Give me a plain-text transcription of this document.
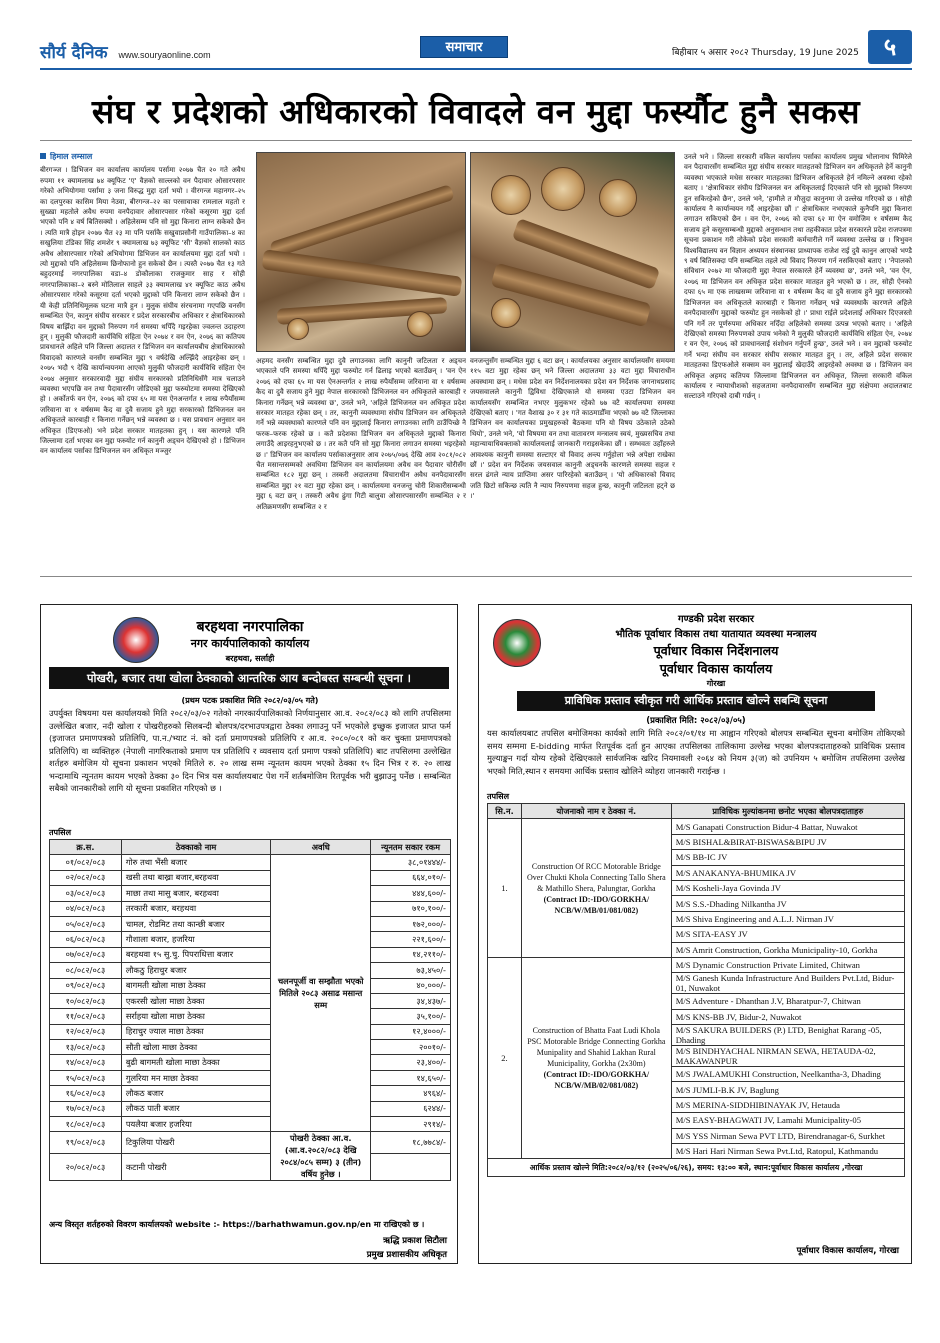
सौर्य दैनिक www.souryaonline.com	समाचार	बिहीबार ५ असार २०८२ Thursday, 19 June 2025	५
संघ र प्रदेशको अधिकारको विवादले वन मुद्दा फर्स्यौट हुनै सकस
हिमाल लम्साल
बीरगञ्ज । डिभिजन वन कार्यालय कार्यालय पर्सामा २०७७ चैत २० गते अवैध रुपमा ११ क्यामलाख ७४ क्यूफिट 'ए' वैज्ञको साल्लको वन पैदावार ओसारपसार गरेको अभियोगमा पर्सामा ३ जना विरुद्ध मुद्दा दर्ता भयो । वीरगन्ज महानगर–२५ का दलपुरका कासिम मिया नेउवा, बीरगन्ज–२२ का परसावाका रामलाल महतो र सुख्खा महतोले अवैध रुपमा वनपैदावार ओसारपसार गरेको कसूरमा मुद्दा दर्ता भएको पनि ४ वर्ष बितिसक्यो । अहिलेसम्म पनि सो मुद्दा किनारा लाग्न सकेको छैन । त्यति मात्रै होइन २०७७ चैत २३ मा पनि पर्साकै सखुवाप्रसौनी गाउँपालिका–४ का सखुलिया टंडिका सिंह शमशेर ९ क्यामलाख ७३ क्यूफिट 'सी' वैज्ञको सालको काठ अवैध ओसारपसार गरेको अभियोगमा डिभिजन वन कार्यालयमा मुद्दा दर्ता भयो । त्यो मुद्दाको पनि अहिलेसम्म छिनोफानो हुन सकेको छैन । त्यस्तै २०७७ चैत १३ गते बहुदरमाई नगरपालिका वडा–४ डोकौलाका राजकुमार साह र सोही नगरपालिकाका–२ बस्ने मोतिलाल साहले ३३ क्यामलाख ४१ क्यूफिट काठ अवैध ओसारपसार गरेको कसूरमा दर्ता भएको मुद्दाको पनि किनारा लाग्न सकेको छैन । यी केही प्रतिनिधिमूलक घटना मात्रै हुन । मुलुक संघीय संरचनामा गएपछि वनसँग सम्बन्धित ऐन, कानुन संघीय सरकार र प्रदेश सरकारबीच अधिकार र क्षेत्राधिकारको विषय बाझिँदा वन मुद्दाको निरुपण गर्न समस्या थपिँदै गइरहेका ज्वलन्त उदाहरण हुन् । मुलुकी फौजदारी कार्यविधि संहिता ऐन २०७४ र वन ऐन, २०७६ का कतिपय प्रावधानले अहिले पनि जिल्ला अदालत र डिभिजन वन कार्यालयबीच क्षेत्राधिकारको विवादको कारणले वनसँग सम्बन्धित मुद्दा ९ वर्षदेखि अल्झिँदै आइरहेका छन् । २०७५ भदौ ९ देखि कार्यान्वयनमा आएको मुलुकी फौजदारी कार्यविधि संहिता ऐन २०७४ अनुसार सरकारवादी मुद्दा संघीय सरकारको प्रतिनिधिसँगै मात्र चलाउने व्यवस्था भएपछि वन तथा पैदावारसँग जोडिएको मुद्दा फस्र्याेटमा समस्या देखिएको हो । अर्कोतर्फ वन ऐन, २०७६ को दफा ६५ मा यस ऐनअन्तर्गत १ लाख रुपैयाँसम्म जरिवाना वा १ वर्षसम्म कैद वा दुवै सजाय हुने मुद्दा सरकारको डिभिजनल वन अधिकृतले कारबाही र किनारा गर्नेछन् भन्ने व्यवस्था छ । यस प्रावधान अनुसार वन अधिकृत (डिएफओ) भने प्रदेश सरकार मातहतका हुन् । यस कारणले पनि जिल्लामा दर्ता भएका वन मुद्दा फस्र्याेट गर्न कानुनी अड्चन देखिएको हो । डिभिजन वन कार्यालय पर्साका डिभिजनल वन अधिकृत मञ्जुर
अहमद वनसँग सम्बन्धित मुद्दा दुवै लगाउनका लागि कानुनी जटिलता र अड्चन भएकाले पनि समस्या थपिँदै मुद्दा फस्र्याेट गर्न ढिलाइ भएको बताउँछन् । 'वन ऐन २०७६ को दफा ६५ मा यस ऐनअन्तर्गत २ लाख रुपैयाँसम्म जरिवाना वा १ वर्षसम्म कैद वा दुवै सजाय हुने मुद्दा नेपाल सरकारको डिभिजनल वन अधिकृतले कारबाही र किनारा गर्नेछन् भन्ने व्यवस्था छ', उनले भने, 'अहिले डिभिजनल वन अधिकृत प्रदेश सरकार मातहत रहेका छन् । तर, कानुनी व्यवस्थामा संघीय डिभिजन वन अधिकृतले गर्ने भन्ने व्यवस्थाको कारणले पनि वन मुद्दालाई किनारा लगाउनका लागि ठाउँपिच्छे नै फरक–फरक रहेको छ । कतै प्रदेशका डिभिजन वन अधिकृतले मुद्दाको किनारा लगाउँदै आइरहनुभएको छ । तर कतै पनि सो मुद्दा किनारा लगाउन समस्या भइरहेको छ ।' डिभिजन वन कार्यालय पर्साकाअनुसार आव २०७५/०७६ देखि आव २०८१/०८२ चैत मसान्तसम्मको अवधिमा डिभिजन वन कार्यालयमा अवैध वन पैदावार चोरीसँग सम्बन्धित १८२ मुद्दा छन् । तस्करी अदालतमा विचाराधीन अवैध वनपैदावारसँग सम्बन्धित मुद्दा २१ वटा मुद्दा रहेका छन् । कार्यालयमा वनजन्तु चोरी शिकारीसम्बन्धी मुद्दा ६ वटा छन् । तस्करी अवैध ढुंगा गिटी बालुवा ओसारपसारसँग सम्बन्धित २ र अतिक्रमणसँग सम्बन्धित २ र
वनजन्तुसँग सम्बन्धित मुद्दा ६ वटा छन् । कार्यालयका अनुसार कार्यालयसँग समयमा ११५ वटा मुद्दा रहेका छन् भने जिल्ला अदालतमा ३३ वटा मुद्दा विचाराधीन अवस्थामा छन् । मधेस प्रदेश वन निर्देशनालयका प्रदेश वन निर्देशक जगनाथप्रसाद जयसवालले कानुनी द्विविधा देखिएकाले यो समस्या एउटा डिभिजन वन कार्यालयसँग सम्बन्धित नभएर मुलुकभर रहेको ७७ वटै कार्यालयमा समस्या देखिएको बताए । 'गत वैशाख ३० र ३१ गते काठमाडौँमा भएको ७७ वटै जिल्लाका डिभिजन वन कार्यालयका प्रमुखहरुको बैठकमा पनि यो विषय उठेकाले उठेको थियो', उनले भने, 'यो विषयमा वन तथा वातावरण मन्त्रालय स्वयं, मुख्यसचिव तथा महान्यायाधिवक्ताको कार्यालयलाई जानकारी गराइसकेका छौं । सम्भवतः उहाँहरुले आवश्यक कानुनी समस्या सल्टाएर यो विवाद अन्त्य गर्नुहोला भन्ने अपेक्षा राखेका छौं ।' प्रदेश वन निर्देशक जयसवाल कानुनी अड्चनकै कारणले समस्या सहज र सरल ढंगले न्याय प्राप्तिमा असर पारिरहेको बताउँछन् । 'यो अधिकारको विवाद जति छिटो सकिन्छ त्यति नै न्याय निरुपणमा सहज हुन्छ, कानुनी जटिलता हट्ने छ ।'
उनले भने । जिल्ला सरकारी वकिल कार्यालय पर्साका कार्यालय प्रमुख भोलानाथ घिमिरेले वन पैदावारसँग सम्बन्धित मुद्दा संघीय सरकार मातहतको डिभिजन वन अधिकृतले हेर्ने कानुनी व्यवस्था भएकाले मधेस सरकार मातहतका डिभिजन अधिकृतले हेर्न नमिल्ने अवस्था रहेको बताए । 'क्षेत्राधिकार संघीय डिभिजनल वन अधिकृतलाई दिएकाले पनि सो मुद्दाको निरुपण हुन सकिरहेको छैन', उनले भने, 'हामीले त मौजुदा कानुनमा जे उल्लेख गरिएको छ । सोही कार्यालय नै कार्यान्वयन गर्दै आइरहेका छौं ।' क्षेत्राधिकार नभएकाले कुनैपनि मुद्दा किनारा लगाउन सकिएको छैन । वन ऐन, २०७६ को दफा ६२ मा ऐन वमोजिम १ वर्षसम्म कैद सजाय हुने कसूरसम्बन्धी मुद्दाको अनुसन्धान तथा तहकीकात प्रदेश सरकारले प्रदेश राजपत्रमा सूचना प्रकाशन गरी तोकेको प्रदेश सरकारी कर्मचारीले गर्ने व्यवस्था उल्लेख छ । त्रिभुवन विश्वविद्यालय वन विज्ञान अध्ययन संस्थानका प्राध्यापक राजेश राई दुवै कानुन आएको भण्डै ९ वर्ष बितिसक्दा पनि सम्बन्धित तहले त्यो विवाद निरुपण गर्न नसकिएको बताए । 'नेपालको संविधान २०७२ मा फौजदारी मुद्दा नेपाल सरकारले हेर्ने व्यवस्था छ', उनले भने, 'वन ऐन, २०७६ मा डिभिजन वन अधिकृत प्रदेश सरकार मातहत हुने भएको छ । तर, सोही ऐनको दफा ६५ मा एक लाखसम्म जरिवाना वा १ वर्षसम्म कैद वा दुवै सजाय हुने मुद्दा सरकारको डिभिजनल वन अधिकृतले कारबाही र किनारा गर्नेछन् भन्ने व्यवस्थाकै कारणले अहिले वनपैदावारसँग मुद्दाको फस्र्याेट हुन नसकेको हो ।' प्राधा राईले प्रदेशलाई अधिकार दिएजस्तो पनि गर्ने तर पूर्णरुपमा अधिकार नदिँदा अहिलेको समस्या उत्पन्न भएको बताए । 'अहिले देखिएको समस्या निरुपणको उपाय भनेको नै मुलुकी फौजदारी कार्यविधि संहिता ऐन, २०७४ र वन ऐन, २०७६ को प्रावधानलाई संशोधन गर्नुपर्ने हुन्छ', उनले भने । वन मुद्दाको फस्र्याेट गर्ने भन्दा संघीय वन सरकार संघीय सरकार मातहत हुन् । तर, अहिले प्रदेश सरकार मातहतका डिएफओले सक्सम वन मुद्दालाई खेदाउँदै आइरहेको अवस्था छ । डिभिजन वन अधिकृत अहमद कतिपय जिल्लामा डिभिजनल वन अधिकृत, जिल्ला सरकारी वकिल कार्यालय र न्यायाधीशको सहजतामा वनपैदावारसँग सम्बन्धित मुद्दा संक्षेपमा अदालतबाट सल्टाउने गरिएको दाबी गर्छन् ।
बरहथवा नगरपालिका
नगर कार्यपालिकाको कार्यालय
बरहथवा, सर्लाही
पोखरी, बजार तथा खोला ठेक्काको आन्तरिक आय बन्दोबस्त सम्बन्धी सूचना ।
(प्रथम पटक प्रकाशित मिति २०८२/०३/०५ गते)
उपर्युक्त विषयमा यस कार्यालयको मिति २०८२/०३/०२ गतेको नगरकार्यपालिकाको निर्णयानुसार आ.व. २०८२/०८३ को लागि तपसिलमा उल्लेखित बजार, नदी खोला र पोखरीहरुको सिलबन्दी बोलपत्र/दरभाउपत्रद्वारा ठेक्का लगाउनु पर्ने भएकोले इच्छुक इजाजत प्राप्त फर्म (इजाजत प्रमाणपत्रको प्रतिलिपि, पा.न./भ्याट नं. को दर्ता प्रमाणपत्रको प्रतिलिपि र आ.व. २०८०/०८१ को कर चुक्ता प्रमाणपत्रको प्रतिलिपि) वा व्यक्तिहरु (नेपाली नागरिकताको प्रमाण पत्र प्रतिलिपि र व्यवसाय दर्ता प्रमाण पत्रको प्रतिलिपि) बाट तपसिलमा उल्लेखित शर्तहरु बमोजिम यो सूचना प्रकाशन भएको मितिले रु. २० लाख सम्म न्यूनतम कायम भएको ठेक्का १५ दिन भित्र र रु. २० लाख भन्दामाथि न्यूनतम कायम भएको ठेक्का ३० दिन भित्र यस कार्यालयबाट पेश गर्ने शर्तबमोजिम रितपूर्वक भरी बुझाउनु पर्नेछ । सम्बन्धित सबैको जानकारीको लागि यो सूचना प्रकाशित गरिएको छ ।
तपसिल
क्र.स.	ठेक्काको नाम	अवधि	न्यूनतम सकार रकम
०१/०८२/०८३	गोरु तथा भैंसी बजार	चलनपूर्जी वा सम्झौता भएको मितिले २०८३ असाढ मसान्त सम्म	३८,०१४४४/-
०२/०८२/०८३	खसी तथा बाख्रा बजार,बरहथवा		६६४,०१०/-
०३/०८२/०८३	माछा तथा मासु बजार, बरहथवा		४४४,६००/-
०४/०८२/०८३	तरकारी बजार, बरहथवा		७१०,१००/-
०५/०८२/०८३	चामल, रोडमिट तथा कान्छी बजार		१७२,०००/-
०६/०८२/०८३	गौशाला बजार, हजरिया		२२१,६००/-
०७/०८२/०८३	बरहथवा १५ सु.चु. पिपराधित्ता बजार		१४,२११०/-
०८/०८२/०८३	लौकठु हिराचुर बजार		७३,४५०/-
०९/०८२/०८३	बागमती खोला माछा ठेक्का		४०,०००/-
१०/०८२/०८३	एकरसी खोला माछा ठेक्का		३४,४३७/-
११/०८२/०८३	सर्राहया खोला माछा ठेक्का		३५,१००/-
१२/०८२/०८३	हिराचुर ज्याल माछा ठेक्का		१२,४०००/-
१३/०८२/०८३	सौती खोला माछा ठेक्का		२००१०/-
१४/०८२/०८३	बुढी बागमती खोला माछा ठेक्का		२३,४००/-
१५/०८२/०८३	गुलरिया मन माछा ठेक्का		१४,६५०/-
१६/०८२/०८३	लौकठ बजार		४९६४/-
१७/०८२/०८३	लौकठ पाती बजार		६२४४/-
१८/०८२/०८३	पयलैया बजार हजरिया		२९१४/-
१९/०८२/०८३	टिकुलिया पोखरी	पोखरी ठेक्का आ.व. (आ.व.२०८२/०८३ देखि २०८४/०८५ सम्म) ३ (तीन) वर्षिय हुनेछ ।	१८,७७८४/-
२०/०८२/०८३	कटानी पोखरी		
अन्य विस्तृत शर्तहरुको विवरण कार्यालयको website :- https://barhathwamun.gov.np/en मा राखिएको छ ।
ऋद्धि प्रकाश सिटौला
प्रमुख प्रशासकीय अधिकृत
गण्डकी प्रदेश सरकार
भौतिक पूर्वाधार विकास तथा यातायात व्यवस्था मन्त्रालय
पूर्वाधार विकास निर्देशनालय
पूर्वाधार विकास कार्यालय
गोरखा
प्राविधिक प्रस्ताव स्वीकृत गरी आर्थिक प्रस्ताव खोल्ने सबन्धि सूचना
(प्रकाशित मिति: २०८२/०३/०५)
यस कार्यालयबाट तपसिल बमोजिमका कार्यको लागि मिति २०८२/०१/१४ मा आह्वान गरिएको बोलपत्र सम्बन्धित सूचना बमोजिम तोकिएको समय सम्ममा E-bidding मार्फत रितपूर्वक दर्ता हुन आएका तपसिलका तालिकामा उल्लेख भएका बोलपत्रदाताहरुको प्राविधिक प्रस्ताव मुल्याङ्कन गर्दा योग्य रहेको देखिएकाले सार्वजनिक खरिद नियमावली २०६४ को नियम ३(ज) को उपनियम ५ बमोजिम तपसिलमा उल्लेख भएको मिति,स्थान र समयमा आर्थिक प्रस्ताव खोलिने व्योहरा जानकारी गराईन्छ ।
तपसिल
सि.न.	योजनाको नाम र ठेक्का नं.	प्राविधिक मुल्यांकनमा छनोट भएका बोलपत्रदाताहरु
1.	Construction Of RCC Motorable Bridge Over Chukti Khola Connecting Tallo Shera & Mathillo Shera, Palungtar, Gorkha
(Contract ID:-IDO/GORKHA/ NCB/W/MB/01/081/082)	M/S Ganapati Construction Bidur-4 Battar, Nuwakot
		M/S BISHAL&BIRAT-BISWAS&BIPU JV
		M/S BB-IC JV
		M/S ANAKANYA-BHUMIKA JV
		M/S Kosheli-Jaya Govinda JV
		M/S S.S.-Dhading Nilkantha JV
		M/S Shiva Engineering and A.L.J. Nirman JV
		M/S SITA-EASY JV
		M/S Amrit Construction, Gorkha Municipality-10, Gorkha
2.	Construction of Bhatta Faat Ludi Khola PSC Motorable Bridge Connecting Gorkha Munipality and Shahid Lakhan Rural Municipality, Gorkha (2x30m)
(Contract ID:-IDO/GORKHA/ NCB/W/MB/02/081/082)	M/S Dynamic Construction Private Limited, Chitwan
		M/S Ganesh Kunda Infrastructure And Builders Pvt.Ltd, Bidur-01, Nuwakot
		M/S Adventure - Dhanthan J.V, Bharatpur-7, Chitwan
		M/S KNS-BB JV, Bidur-2, Nuwakot
		M/S SAKURA BUILDERS (P.) LTD, Benighat Rarang -05, Dhading
		M/S BINDHYACHAL NIRMAN SEWA, HETAUDA-02, MAKAWANPUR
		M/S JWALAMUKHI Construction, Neelkantha-3, Dhading
		M/S JUMLI-B.K JV, Baglung
		M/S MERINA-SIDDHIBINAYAK JV, Hetauda
		M/S EASY-BHAGWATI JV, Lamahi Municipality-05
		M/S YSS Nirman Sewa PVT LTD, Birendranagar-6, Surkhet
		M/S Hari Hari Nirman Sewa Pvt.Ltd, Ratopul, Kathmandu
आर्थिक प्रस्ताव खोल्ने मिति:२०८२/०३/१२ (२०२५/०६/२६), समय: १३:०० बजे, स्थान:पूर्वाधार विकास कार्यालय ,गोरखा		
पूर्वाधार विकास कार्यालय, गोरखा
